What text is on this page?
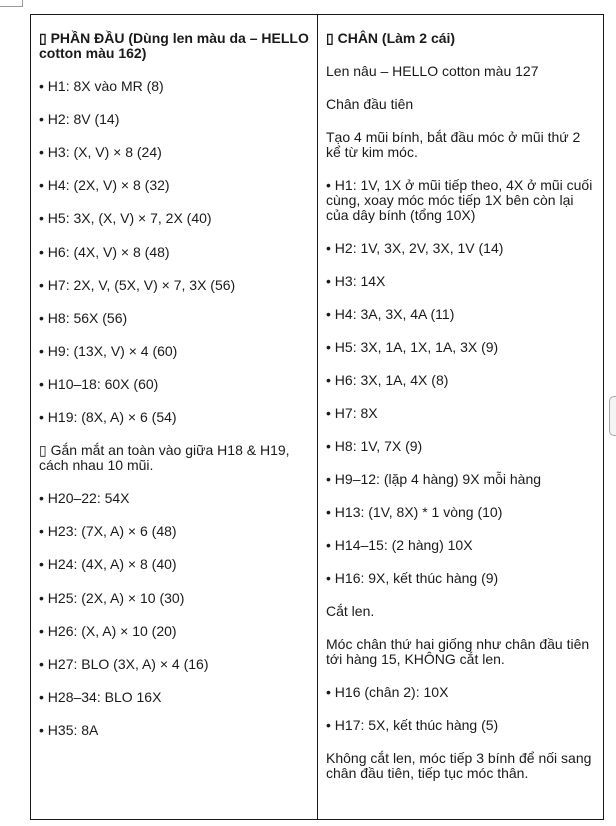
▯ PHẦN ĐẦU (Dùng len màu da – HELLO cotton màu 162)

• H1: 8X vào MR (8)

• H2: 8V (14)

• H3: (X, V) × 8 (24)

• H4: (2X, V) × 8 (32)

• H5: 3X, (X, V) × 7, 2X (40)

• H6: (4X, V) × 8 (48)

• H7: 2X, V, (5X, V) × 7, 3X (56)

• H8: 56X (56)

• H9: (13X, V) × 4 (60)

• H10–18: 60X (60)

• H19: (8X, A) × 6 (54)

▯ Gắn mắt an toàn vào giữa H18 & H19, cách nhau 10 mũi.

• H20–22: 54X

• H23: (7X, A) × 6 (48)

• H24: (4X, A) × 8 (40)

• H25: (2X, A) × 10 (30)

• H26: (X, A) × 10 (20)

• H27: BLO (3X, A) × 4 (16)

• H28–34: BLO 16X

• H35: 8A

▯ CHÂN (Làm 2 cái)

Len nâu – HELLO cotton màu 127

Chân đầu tiên

Tạo 4 mũi bính, bắt đầu móc ở mũi thứ 2 kể từ kim móc.

• H1: 1V, 1X ở mũi tiếp theo, 4X ở mũi cuối cùng, xoay móc móc tiếp 1X bên còn lại của dây bính (tổng 10X)

• H2: 1V, 3X, 2V, 3X, 1V (14)

• H3: 14X

• H4: 3A, 3X, 4A (11)

• H5: 3X, 1A, 1X, 1A, 3X (9)

• H6: 3X, 1A, 4X (8)

• H7: 8X

• H8: 1V, 7X (9)

• H9–12: (lặp 4 hàng) 9X mỗi hàng

• H13: (1V, 8X) * 1 vòng (10)

• H14–15: (2 hàng) 10X

• H16: 9X, kết thúc hàng (9)

Cắt len.

Móc chân thứ hai giống như chân đầu tiên tới hàng 15, KHÔNG cắt len.

• H16 (chân 2): 10X

• H17: 5X, kết thúc hàng (5)

Không cắt len, móc tiếp 3 bính để nối sang chân đầu tiên, tiếp tục móc thân.
